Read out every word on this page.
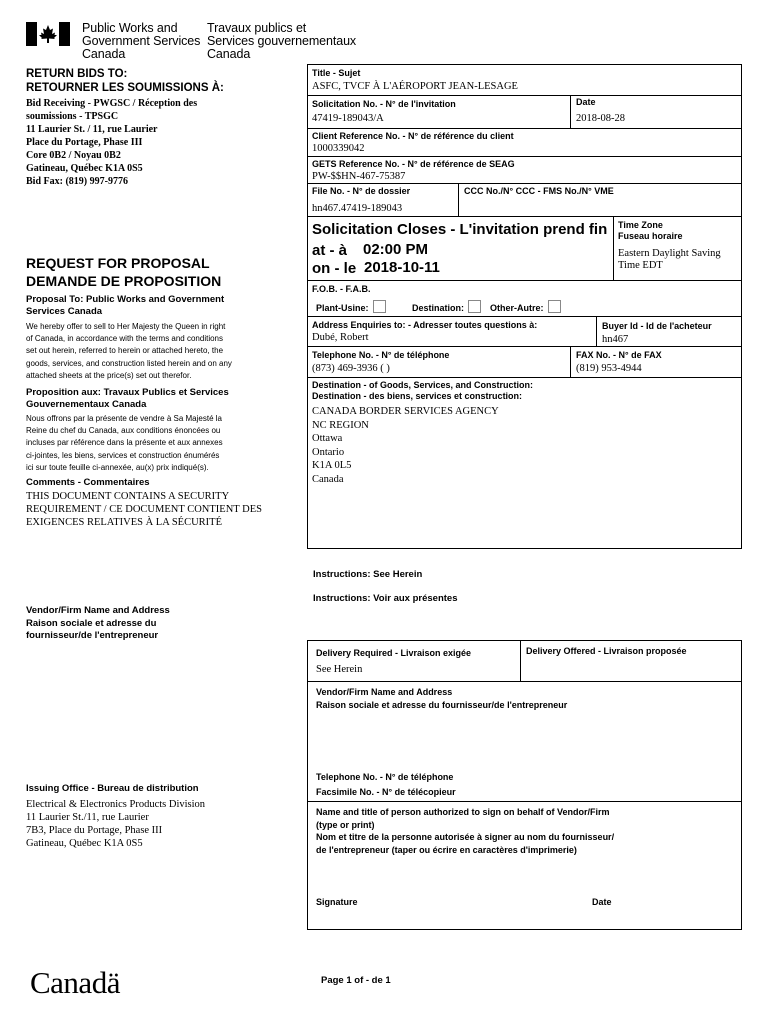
Public Works and
Government Services
Canada
Travaux publics et
Services gouvernementaux
Canada
RETURN BIDS TO:
RETOURNER LES SOUMISSIONS À:
Bid Receiving - PWGSC / Réception des
soumissions - TPSGC
11 Laurier St. / 11, rue Laurier
Place du Portage, Phase III
Core 0B2 / Noyau 0B2
Gatineau, Québec K1A 0S5
Bid Fax: (819) 997-9776
REQUEST FOR PROPOSAL
DEMANDE DE PROPOSITION
Proposal To: Public Works and Government
Services Canada
We hereby offer to sell to Her Majesty the Queen in right
of Canada, in accordance with the terms and conditions
set out herein, referred to herein or attached hereto, the
goods, services, and construction listed herein and on any
attached sheets at the price(s) set out therefor.
Proposition aux: Travaux Publics et Services
Gouvernementaux Canada
Nous offrons par la présente de vendre à Sa Majesté la
Reine du chef du Canada, aux conditions énoncées ou
incluses par référence dans la présente et aux annexes
ci-jointes, les biens, services et construction énumérés
ici sur toute feuille ci-annexée, au(x) prix indiqué(s).
Comments - Commentaires
THIS DOCUMENT CONTAINS A SECURITY
REQUIREMENT / CE DOCUMENT CONTIENT DES
EXIGENCES RELATIVES À LA SÉCURITÉ
Title - Sujet
ASFC, TVCF À L'AÉROPORT JEAN-LESAGE
Solicitation No. - N° de l'invitation
47419-189043/A
Date
2018-08-28
Client Reference No. - N° de référence du client
1000339042
GETS Reference No. - N° de référence de SEAG
PW-$$HN-467-75387
File No. - N° de dossier
hn467.47419-189043
CCC No./N° CCC - FMS No./N° VME
Solicitation Closes - L'invitation prend fin
at - à 02:00 PM
on - le 2018-10-11
Time Zone
Fuseau horaire
Eastern Daylight Saving
Time EDT
F.O.B. - F.A.B.
Plant-Usine:	Destination:	Other-Autre:
Address Enquiries to: - Adresser toutes questions à:
Dubé, Robert
Buyer Id - Id de l'acheteur
hn467
Telephone No. - N° de téléphone
(873) 469-3936 ( )
FAX No. - N° de FAX
(819) 953-4944
Destination - of Goods, Services, and Construction:
Destination - des biens, services et construction:
CANADA BORDER SERVICES AGENCY
NC REGION
Ottawa
Ontario
K1A 0L5
Canada
Instructions: See Herein
Instructions: Voir aux présentes
Vendor/Firm Name and Address
Raison sociale et adresse du
fournisseur/de l'entrepreneur
Issuing Office - Bureau de distribution
Electrical & Electronics Products Division
11 Laurier St./11, rue Laurier
7B3, Place du Portage, Phase III
Gatineau, Québec K1A 0S5
Delivery Required - Livraison exigée
See Herein
Delivery Offered - Livraison proposée
Vendor/Firm Name and Address
Raison sociale et adresse du fournisseur/de l'entrepreneur
Telephone No. - N° de téléphone
Facsimile No. - N° de télécopieur
Name and title of person authorized to sign on behalf of Vendor/Firm
(type or print)
Nom et titre de la personne autorisée à signer au nom du fournisseur/
de l'entrepreneur (taper ou écrire en caractères d'imprimerie)
Signature	Date
Canadä	Page 1 of - de 1
